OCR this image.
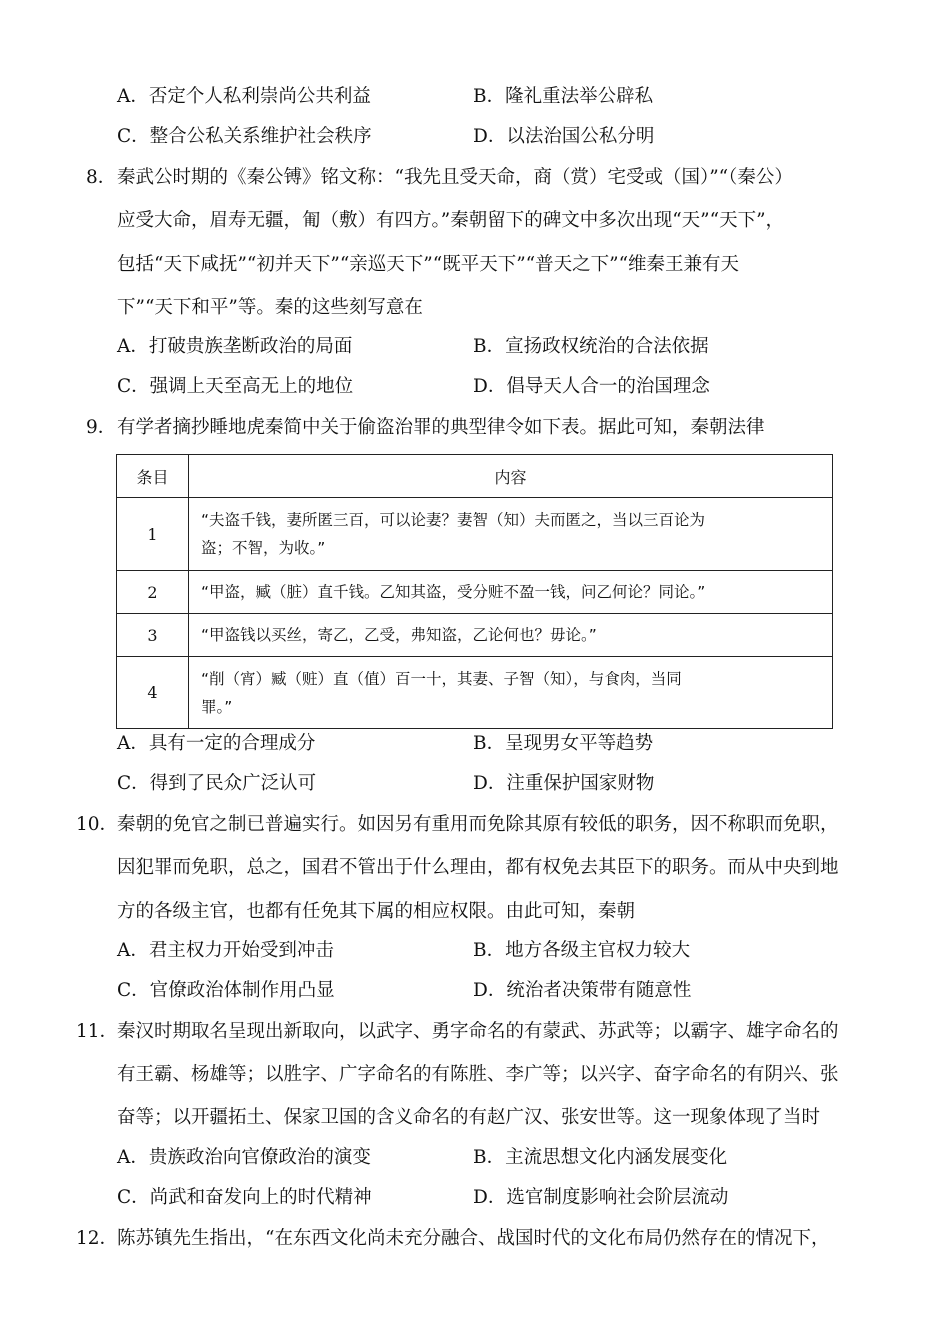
A．否定个人私利崇尚公共利益	B．隆礼重法举公辟私
C．整合公私关系维护社会秩序	D．以法治国公私分明
8． 秦武公时期的《秦公镈》铭文称：“我先且受天命，商（赏）宅受或（国）”“（秦公）
应受大命，眉寿无疆，匍（敷）有四方。”秦朝留下的碑文中多次出现“天”“天下”，
包括“天下咸抚”“初并天下”“亲巡天下”“既平天下”“普天之下”“维秦王兼有天
下”“天下和平”等。秦的这些刻写意在
A．打破贵族垄断政治的局面	B．宣扬政权统治的合法依据
C．强调上天至高无上的地位	D．倡导天人合一的治国理念
9． 有学者摘抄睡地虎秦简中关于偷盗治罪的典型律令如下表。据此可知，秦朝法律
条目	内容
1	“夫盗千钱，妻所匿三百，可以论妻？妻智（知）夫而匿之，当以三百论为
盗；不智，为收。”

2	“甲盗，臧（脏）直千钱。乙知其盗，受分赃不盈一钱，问乙何论？同论。”

3	“甲盗钱以买丝，寄乙，乙受，弗知盗，乙论何也？毋论。”

4	“削（宵）臧（赃）直（值）百一十，其妻、子智（知），与食肉，当同
罪。”
A．具有一定的合理成分	B．呈现男女平等趋势
C．得到了民众广泛认可	D．注重保护国家财物
10．
秦朝的免官之制已普遍实行。如因另有重用而免除其原有较低的职务，因不称职而免职，
因犯罪而免职，总之，国君不管出于什么理由，都有权免去其臣下的职务。而从中央到地
方的各级主官，也都有任免其下属的相应权限。由此可知，秦朝
A．君主权力开始受到冲击	B．地方各级主官权力较大
C．官僚政治体制作用凸显	D．统治者决策带有随意性
11．
秦汉时期取名呈现出新取向，以武字、勇字命名的有蒙武、苏武等；以霸字、雄字命名的
有王霸、杨雄等；以胜字、广字命名的有陈胜、李广等；以兴字、奋字命名的有阴兴、张
奋等；以开疆拓土、保家卫国的含义命名的有赵广汉、张安世等。这一现象体现了当时
A．贵族政治向官僚政治的演变	B．主流思想文化内涵发展变化
C．尚武和奋发向上的时代精神	D．选官制度影响社会阶层流动
12．
陈苏镇先生指出，“在东西文化尚未充分融合、战国时代的文化布局仍然存在的情况下，
